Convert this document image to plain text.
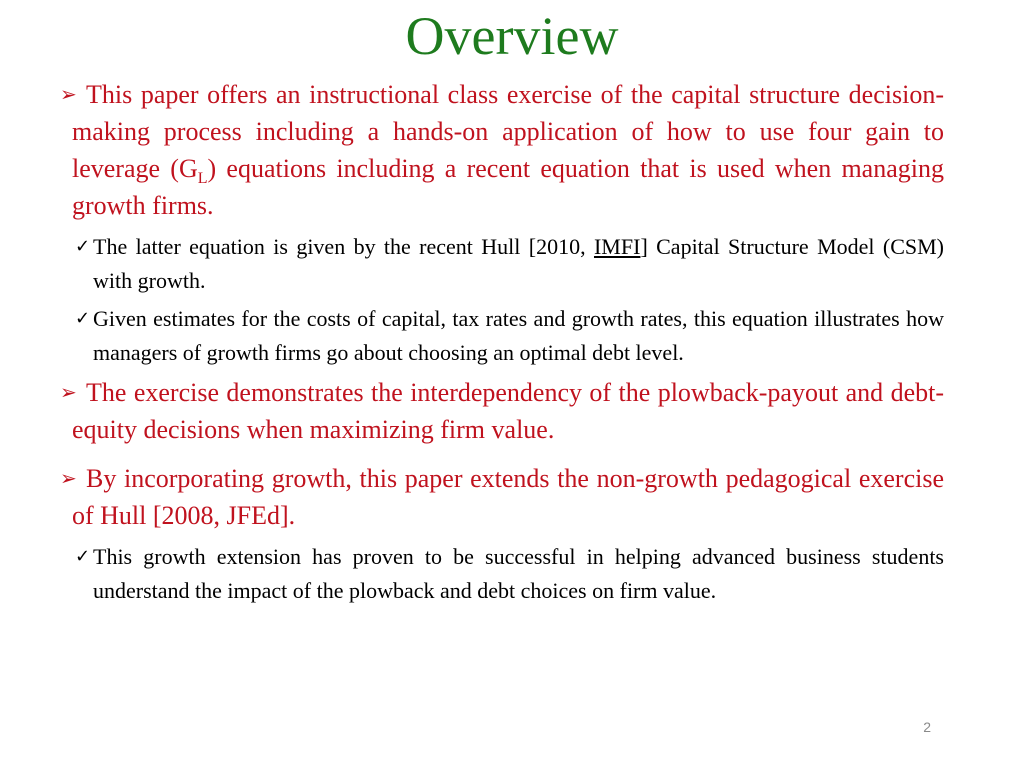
Overview
➢ This paper offers an instructional class exercise of the capital structure decision-making process including a hands-on application of how to use four gain to leverage $(G_L)$ equations including a recent equation that is used when managing growth firms.
✓ The latter equation is given by the recent Hull [2010, IMFI] Capital Structure Model (CSM) with growth.
✓ Given estimates for the costs of capital, tax rates and growth rates, this equation illustrates how managers of growth firms go about choosing an optimal debt level.
➢ The exercise demonstrates the interdependency of the plowback-payout and debt-equity decisions when maximizing firm value.
➢ By incorporating growth, this paper extends the non-growth pedagogical exercise of Hull [2008, JFEd].
✓ This growth extension has proven to be successful in helping advanced business students understand the impact of the plowback and debt choices on firm value.
2
